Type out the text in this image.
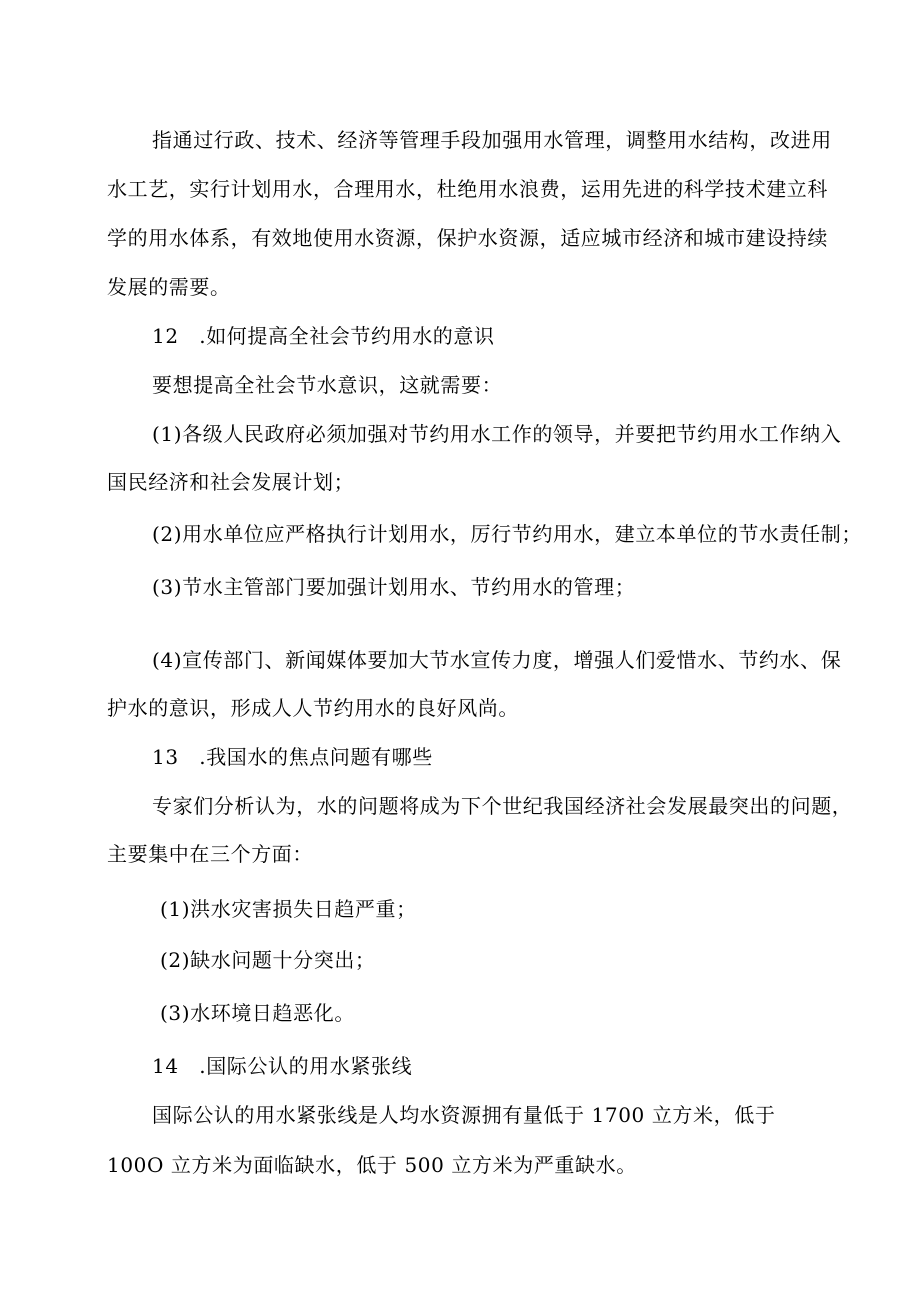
指通过行政、技术、经济等管理手段加强用水管理，调整用水结构，改进用
水工艺，实行计划用水，合理用水，杜绝用水浪费，运用先进的科学技术建立科
学的用水体系，有效地使用水资源，保护水资源，适应城市经济和城市建设持续
发展的需要。
12　.如何提高全社会节约用水的意识
要想提高全社会节水意识，这就需要：
(1)各级人民政府必须加强对节约用水工作的领导，并要把节约用水工作纳入
国民经济和社会发展计划；
(2)用水单位应严格执行计划用水，厉行节约用水，建立本单位的节水责任制；
(3)节水主管部门要加强计划用水、节约用水的管理；
(4)宣传部门、新闻媒体要加大节水宣传力度，增强人们爱惜水、节约水、保
护水的意识，形成人人节约用水的良好风尚。
13　.我国水的焦点问题有哪些
专家们分析认为，水的问题将成为下个世纪我国经济社会发展最突出的问题，
主要集中在三个方面：
(1)洪水灾害损失日趋严重；
(2)缺水问题十分突出；
(3)水环境日趋恶化。
14　.国际公认的用水紧张线
国际公认的用水紧张线是人均水资源拥有量低于 1700 立方米，低于
100O 立方米为面临缺水，低于 500 立方米为严重缺水。
